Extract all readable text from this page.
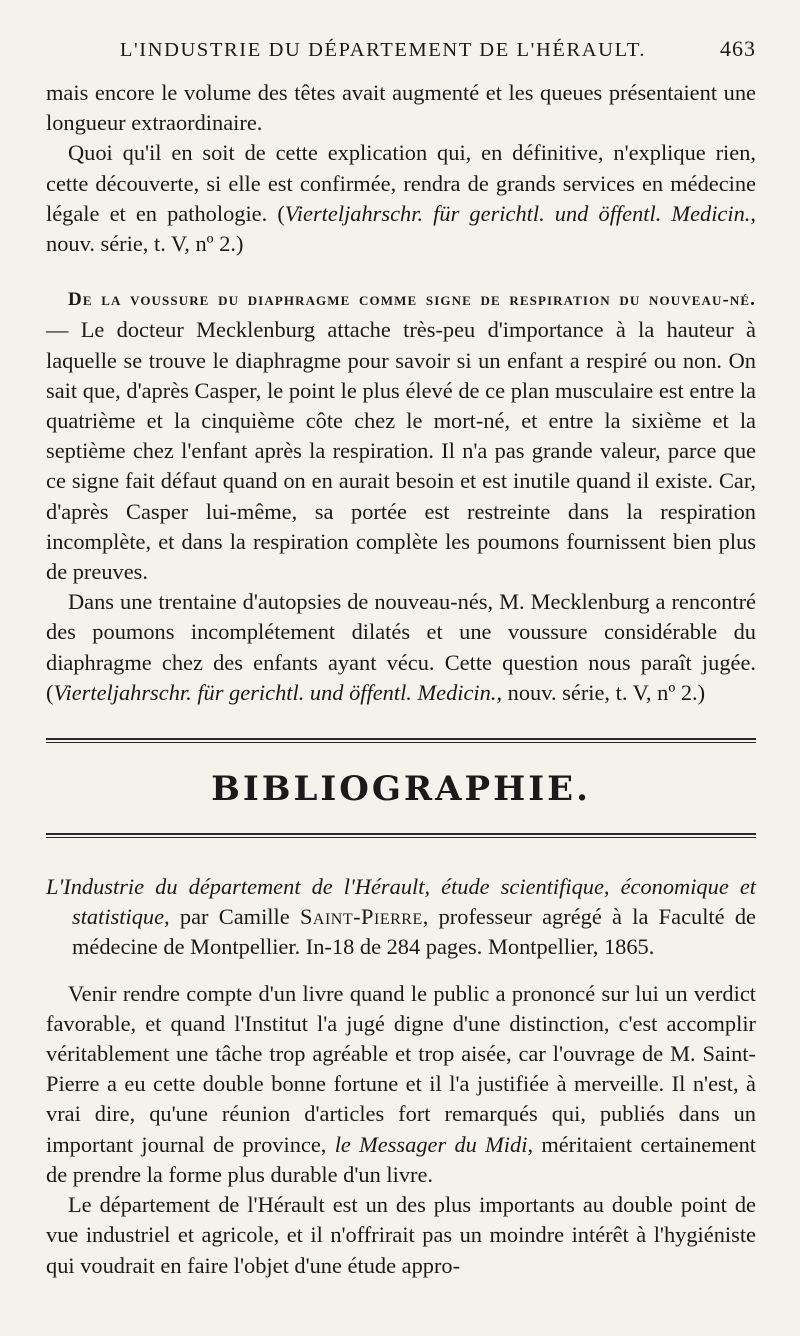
L'INDUSTRIE DU DÉPARTEMENT DE L'HÉRAULT.	463

mais encore le volume des têtes avait augmenté et les queues présentaient une longueur extraordinaire.

Quoi qu'il en soit de cette explication qui, en définitive, n'explique rien, cette découverte, si elle est confirmée, rendra de grands services en médecine légale et en pathologie. (Vierteljahrschr. für gerichtl. und öffentl. Medicin., nouv. série, t. V, nº 2.)

De la voussure du diaphragme comme signe de respiration du nouveau-né. — Le docteur Mecklenburg attache très-peu d'importance à la hauteur à laquelle se trouve le diaphragme pour savoir si un enfant a respiré ou non. On sait que, d'après Casper, le point le plus élevé de ce plan musculaire est entre la quatrième et la cinquième côte chez le mort-né, et entre la sixième et la septième chez l'enfant après la respiration. Il n'a pas grande valeur, parce que ce signe fait défaut quand on en aurait besoin et est inutile quand il existe. Car, d'après Casper lui-même, sa portée est restreinte dans la respiration incomplète, et dans la respiration complète les poumons fournissent bien plus de preuves.

Dans une trentaine d'autopsies de nouveau-nés, M. Mecklenburg a rencontré des poumons incomplétement dilatés et une voussure considérable du diaphragme chez des enfants ayant vécu. Cette question nous paraît jugée. (Vierteljahrschr. für gerichtl. und öffentl. Medicin., nouv. série, t. V, nº 2.)

BIBLIOGRAPHIE.

L'Industrie du département de l'Hérault, étude scientifique, économique et statistique, par Camille Saint-Pierre, professeur agrégé à la Faculté de médecine de Montpellier. In-18 de 284 pages. Montpellier, 1865.

Venir rendre compte d'un livre quand le public a prononcé sur lui un verdict favorable, et quand l'Institut l'a jugé digne d'une distinction, c'est accomplir véritablement une tâche trop agréable et trop aisée, car l'ouvrage de M. Saint-Pierre a eu cette double bonne fortune et il l'a justifiée à merveille. Il n'est, à vrai dire, qu'une réunion d'articles fort remarqués qui, publiés dans un important journal de province, le Messager du Midi, méritaient certainement de prendre la forme plus durable d'un livre.

Le département de l'Hérault est un des plus importants au double point de vue industriel et agricole, et il n'offrirait pas un moindre intérêt à l'hygiéniste qui voudrait en faire l'objet d'une étude appro-
